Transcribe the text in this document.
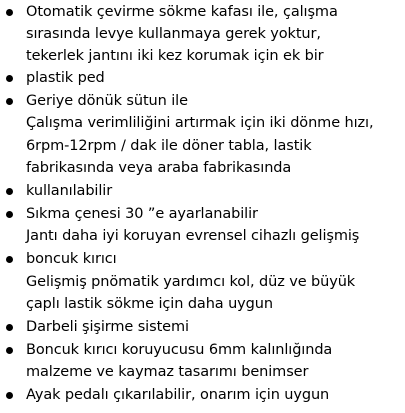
Otomatik çevirme sökme kafası ile, çalışma
sırasında levye kullanmaya gerek yoktur,
tekerlek jantını iki kez korumak için ek bir
plastik ped
Geriye dönük sütun ile
Çalışma verimliliğini artırmak için iki dönme hızı,
6rpm-12rpm / dak ile döner tabla, lastik
fabrikasında veya araba fabrikasında
kullanılabilir
Sıkma çenesi 30 ”e ayarlanabilir
Jantı daha iyi koruyan evrensel cihazlı gelişmiş
boncuk kırıcı
Gelişmiş pnömatik yardımcı kol, düz ve büyük
çaplı lastik sökme için daha uygun
Darbeli şişirme sistemi
Boncuk kırıcı koruyucusu 6mm kalınlığında
malzeme ve kaymaz tasarımı benimser
Ayak pedalı çıkarılabilir, onarım için uygun
